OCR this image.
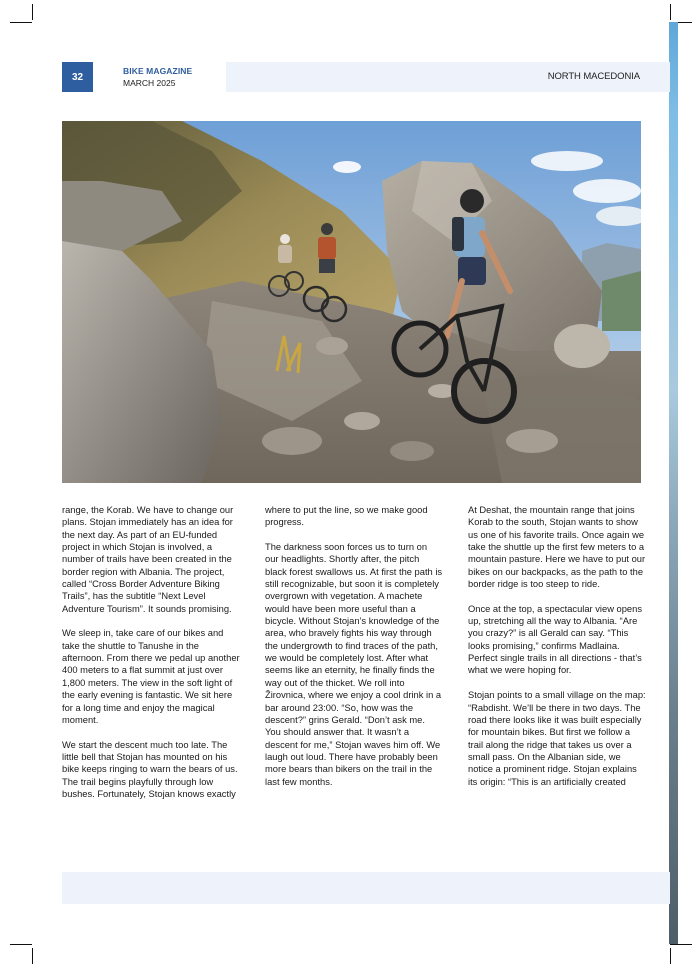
32
BIKE MAGAZINE
MARCH 2025
NORTH MACEDONIA

range, the Korab. We have to change our plans. Stojan immediately has an idea for the next day. As part of an EU-funded project in which Stojan is involved, a number of trails have been created in the border region with Albania. The project, called “Cross Border Adventure Biking Trails”, has the subtitle “Next Level Adventure Tourism”. It sounds promising.

We sleep in, take care of our bikes and take the shuttle to Tanushe in the afternoon. From there we pedal up another 400 meters to a flat summit at just over 1,800 meters. The view in the soft light of the early evening is fantastic. We sit here for a long time and enjoy the magical moment.

We start the descent much too late. The little bell that Stojan has mounted on his bike keeps ringing to warn the bears of us. The trail begins playfully through low bushes. Fortunately, Stojan knows exactly

where to put the line, so we make good progress.

The darkness soon forces us to turn on our headlights. Shortly after, the pitch black forest swallows us. At first the path is still recognizable, but soon it is completely overgrown with vegetation. A machete would have been more useful than a bicycle. Without Stojan’s knowledge of the area, who bravely fights his way through the undergrowth to find traces of the path, we would be completely lost. After what seems like an eternity, he finally finds the way out of the thicket. We roll into Žirovnica, where we enjoy a cool drink in a bar around 23:00. “So, how was the descent?” grins Gerald. “Don’t ask me. You should answer that. It wasn’t a descent for me,” Stojan waves him off. We laugh out loud. There have probably been more bears than bikers on the trail in the last few months.

At Deshat, the mountain range that joins Korab to the south, Stojan wants to show us one of his favorite trails. Once again we take the shuttle up the first few meters to a mountain pasture. Here we have to put our bikes on our backpacks, as the path to the border ridge is too steep to ride.

Once at the top, a spectacular view opens up, stretching all the way to Albania. “Are you crazy?” is all Gerald can say. “This looks promising,” confirms Madlaina. Perfect single trails in all directions - that’s what we were hoping for.

Stojan points to a small village on the map: “Rabdisht. We’ll be there in two days. The road there looks like it was built especially for mountain bikes. But first we follow a trail along the ridge that takes us over a small pass. On the Albanian side, we notice a prominent ridge. Stojan explains its origin: “This is an artificially created
